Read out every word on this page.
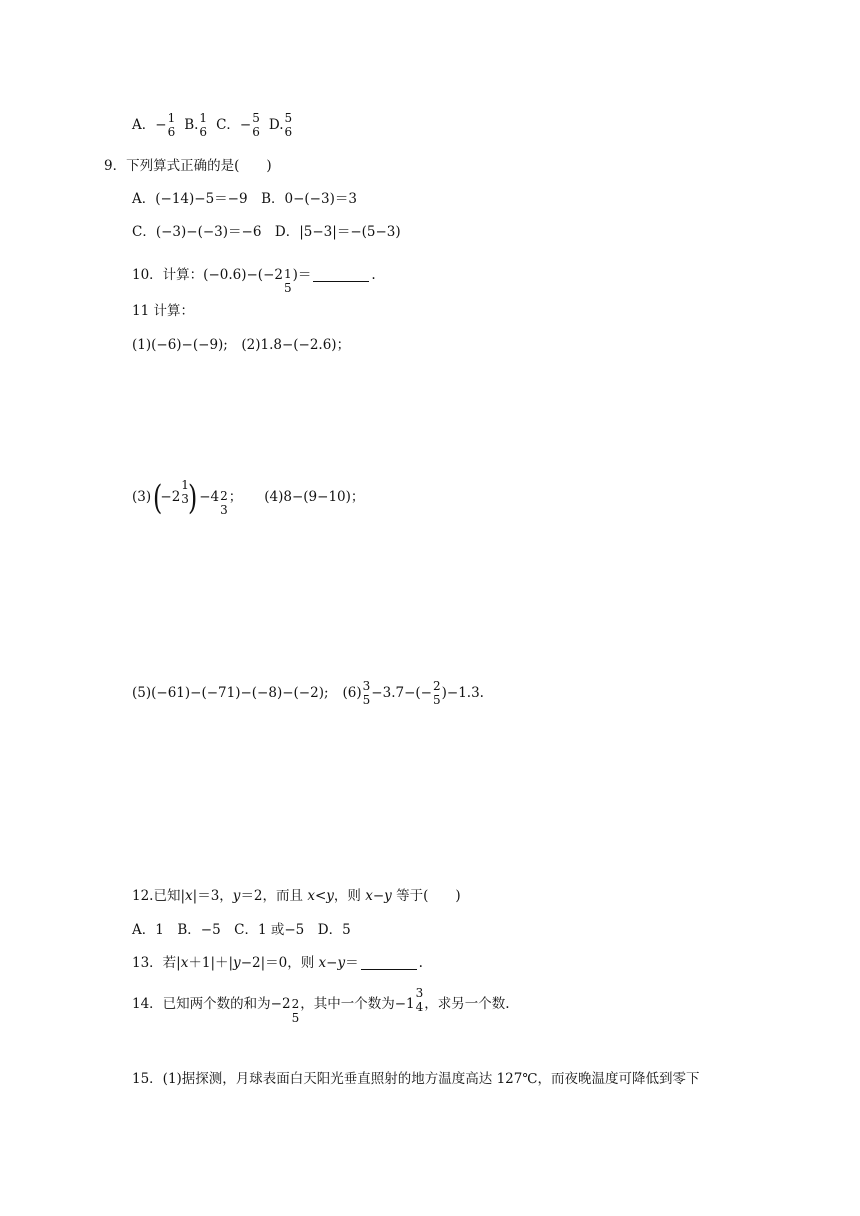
A．− 1
6 B. 1
6 C．− 5
6 D. 5
6
9．下列算式正确的是(　　)
A．(−14)−5＝−9　B．0−(−3)＝3
C．(−3)−(−3)＝−6　D．|5−3|＝−(5−3)
10．计算：(−0.6)−(−2 1
5
)＝	.
11 计算：
(1)(−6)−(−9);　(2)1.8−(−2.6)；
(3) (
−2
1
3
) −4 2
3
； (4)8−(9−10)；
(5)(−61)−(−71)−(−8)−(−2); (6) 3
5 −3.7−(− 2
5 )−1.3.
12.已知| x |＝3， y ＝2，而且 x < y ，则 x − y 等于(　　)
A．1　B．−5　C．1 或−5　D．5
13．若| x ＋1|＋| y −2|＝0，则 x − y ＝	.
14．已知两个数的和为−2 2
5
，其中一个数为−1
3
4 ，求另一个数.
15．(1)据探测，月球表面白天阳光垂直照射的地方温度高达 127℃，而夜晚温度可降低到零下
